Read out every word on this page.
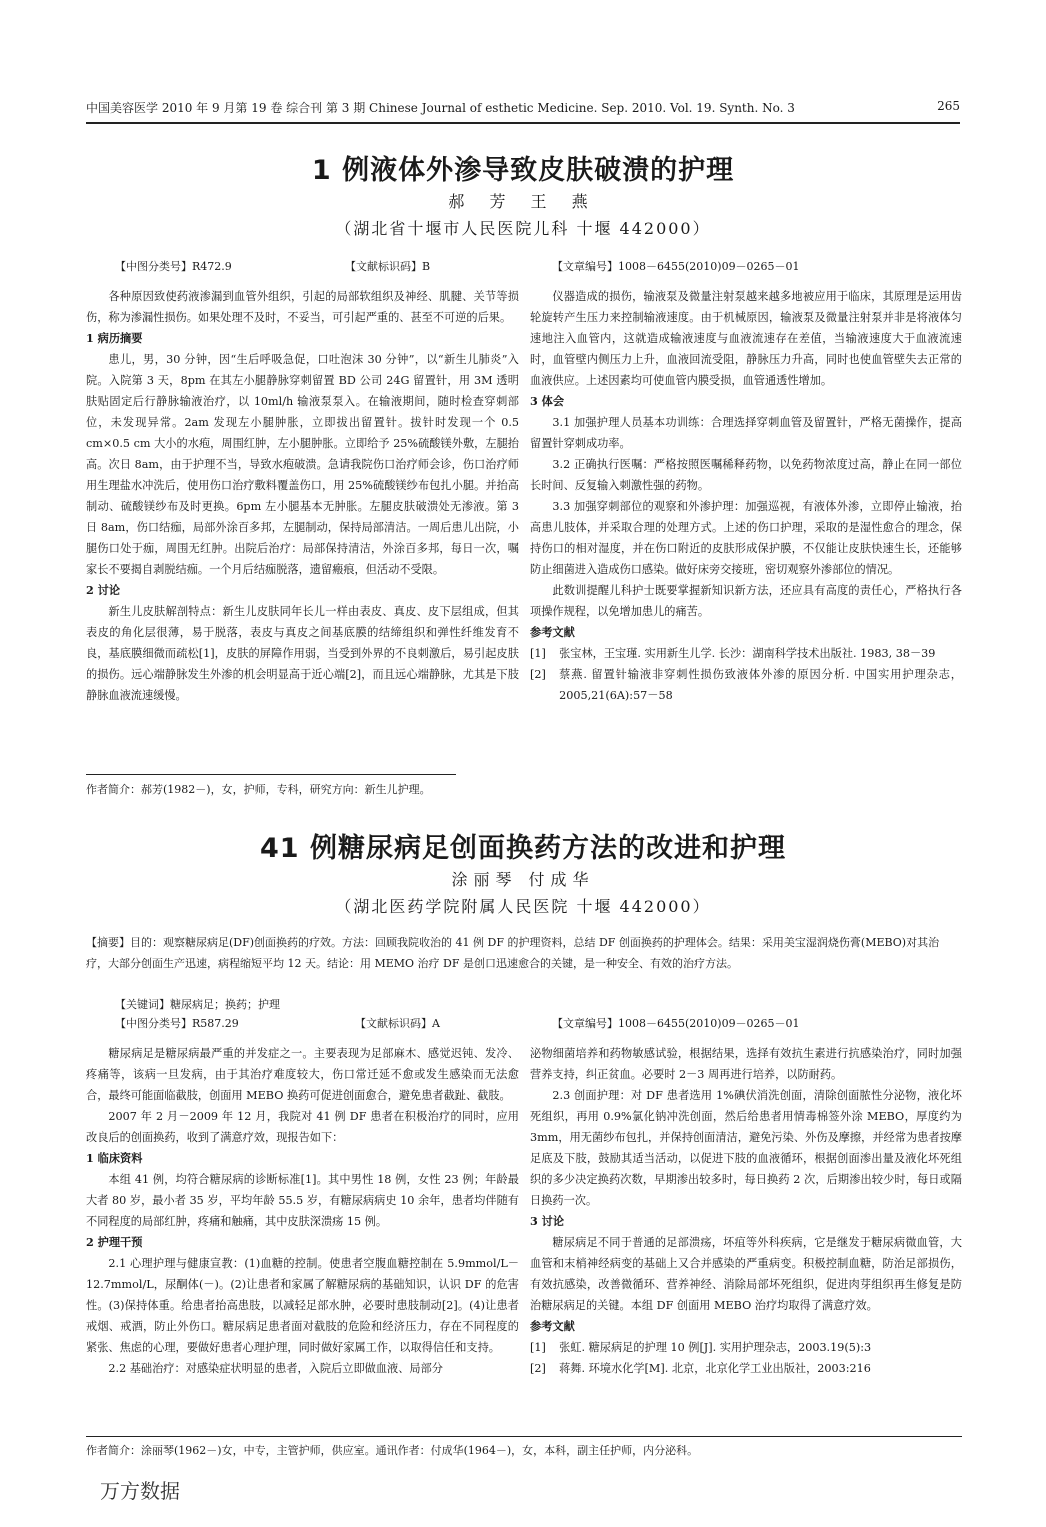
中国美容医学 2010 年 9 月第 19 卷 综合刊 第 3 期 Chinese Journal of esthetic Medicine. Sep. 2010. Vol. 19. Synth. No. 3	265
1 例液体外渗导致皮肤破溃的护理
郝 芳 王 燕
（湖北省十堰市人民医院儿科 十堰 442000）
【中图分类号】R472.9	【文献标识码】B	【文章编号】1008－6455(2010)09－0265－01

各种原因致使药液渗漏到血管外组织，引起的局部软组织及神经、肌腱、关节等损伤，称为渗漏性损伤。如果处理不及时，不妥当，可引起严重的、甚至不可逆的后果。

1 病历摘要

患儿，男，30 分钟，因“生后呼吸急促，口吐泡沫 30 分钟”，以“新生儿肺炎”入院。入院第 3 天，8pm 在其左小腿静脉穿刺留置 BD 公司 24G 留置针，用 3M 透明肤贴固定后行静脉输液治疗，以 10ml/h 输液泵泵入。在输液期间，随时检查穿刺部位，未发现异常。2am 发现左小腿肿胀，立即拔出留置针。拔针时发现一个 0.5 cm×0.5 cm 大小的水疱，周围红肿，左小腿肿胀。立即给予 25%硫酸镁外敷，左腿抬高。次日 8am，由于护理不当，导致水疱破溃。急请我院伤口治疗师会诊，伤口治疗师用生理盐水冲洗后，使用伤口治疗敷料覆盖伤口，用 25%硫酸镁纱布包扎小腿。并抬高制动、硫酸镁纱布及时更换。6pm 左小腿基本无肿胀。左腿皮肤破溃处无渗液。第 3 日 8am，伤口结痂，局部外涂百多邦，左腿制动，保持局部清洁。一周后患儿出院，小腿伤口处于痂，周围无红肿。出院后治疗：局部保持清洁，外涂百多邦，每日一次，嘱家长不要揭自剥脱结痂。一个月后结痂脱落，遗留瘢痕，但活动不受限。

2 讨论

新生儿皮肤解剖特点：新生儿皮肤同年长儿一样由表皮、真皮、皮下层组成，但其表皮的角化层很薄，易于脱落，表皮与真皮之间基底膜的结缔组织和弹性纤维发育不良，基底膜细微而疏松[1]，皮肤的屏障作用弱，当受到外界的不良刺激后，易引起皮肤的损伤。远心端静脉发生外渗的机会明显高于近心端[2]，而且远心端静脉，尤其是下肢静脉血液流速缓慢。

仪器造成的损伤，输液泵及微量注射泵越来越多地被应用于临床，其原理是运用齿轮旋转产生压力来控制输液速度。由于机械原因，输液泵及微量注射泵并非是将液体匀速地注入血管内，这就造成输液速度与血液流速存在差值，当输液速度大于血液流速时，血管壁内侧压力上升，血液回流受阻，静脉压力升高，同时也使血管壁失去正常的血液供应。上述因素均可使血管内膜受损，血管通透性增加。

3 体会

3.1 加强护理人员基本功训练：合理选择穿刺血管及留置针，严格无菌操作，提高留置针穿刺成功率。

3.2 正确执行医嘱：严格按照医嘱稀释药物，以免药物浓度过高，静止在同一部位长时间、反复输入刺激性强的药物。

3.3 加强穿刺部位的观察和外渗护理：加强巡视，有液体外渗，立即停止输液，抬高患儿肢体，并采取合理的处理方式。上述的伤口护理，采取的是湿性愈合的理念，保持伤口的相对湿度，并在伤口附近的皮肤形成保护膜，不仅能让皮肤快速生长，还能够防止细菌进入造成伤口感染。做好床旁交接班，密切观察外渗部位的情况。

此数训提醒儿科护士既要掌握新知识新方法，还应具有高度的责任心，严格执行各项操作规程，以免增加患儿的痛苦。

参考文献

[1] 张宝林，王宝瑾. 实用新生儿学. 长沙：湖南科学技术出版社. 1983, 38－39

[2] 蔡燕. 留置针输液非穿刺性损伤致液体外渗的原因分析. 中国实用护理杂志，2005,21(6A):57－58

作者简介：郝芳(1982－)，女，护师，专科，研究方向：新生儿护理。
41 例糖尿病足创面换药方法的改进和护理
涂丽琴 付成华
（湖北医药学院附属人民医院 十堰 442000）
【摘要】目的：观察糖尿病足(DF)创面换药的疗效。方法：回顾我院收治的 41 例 DF 的护理资料，总结 DF 创面换药的护理体会。结果：采用美宝湿润烧伤膏(MEBO)对其治疗，大部分创面生产迅速，病程缩短平均 12 天。结论：用 MEMO 治疗 DF 是创口迅速愈合的关键，是一种安全、有效的治疗方法。
【关键词】糖尿病足；换药；护理
【中图分类号】R587.29	【文献标识码】A	【文章编号】1008－6455(2010)09－0265－01

糖尿病足是糖尿病最严重的并发症之一。主要表现为足部麻木、感觉迟钝、发冷、疼痛等，该病一旦发病，由于其治疗难度较大，伤口常迁延不愈或发生感染而无法愈合，最终可能面临截肢，创面用 MEBO 换药可促进创面愈合，避免患者截趾、截肢。

2007 年 2 月－2009 年 12 月，我院对 41 例 DF 患者在积极治疗的同时，应用改良后的创面换药，收到了满意疗效，现报告如下：

1 临床资料

本组 41 例，均符合糖尿病的诊断标准[1]。其中男性 18 例，女性 23 例；年龄最大者 80 岁，最小者 35 岁，平均年龄 55.5 岁，有糖尿病病史 10 余年，患者均伴随有不同程度的局部红肿，疼痛和触痛，其中皮肤深溃疡 15 例。

2 护理干预

2.1 心理护理与健康宣教：(1)血糖的控制。使患者空腹血糖控制在 5.9mmol/L－12.7mmol/L，尿酮体(－)。(2)让患者和家属了解糖尿病的基础知识，认识 DF 的危害性。(3)保持体重。给患者抬高患肢，以减轻足部水肿，必要时患肢制动[2]。(4)让患者戒烟、戒酒，防止外伤口。糖尿病足患者面对截肢的危险和经济压力，存在不同程度的紧张、焦虑的心理，要做好患者心理护理，同时做好家属工作，以取得信任和支持。

2.2 基础治疗：对感染症状明显的患者，入院后立即做血液、局部分

泌物细菌培养和药物敏感试验，根据结果，选择有效抗生素进行抗感染治疗，同时加强营养支持，纠正贫血。必要时 2－3 周再进行培养，以防耐药。

2.3 创面护理：对 DF 患者选用 1%碘伏消洗创面，清除创面脓性分泌物，液化坏死组织，再用 0.9%氯化钠冲洗创面，然后给患者用情毒棉签外涂 MEBO，厚度约为 3mm，用无菌纱布包扎，并保持创面清洁，避免污染、外伤及摩擦，并经常为患者按摩足底及下肢，鼓励其适当活动，以促进下肢的血液循环，根据创面渗出量及液化坏死组织的多少决定换药次数，早期渗出较多时，每日换药 2 次，后期渗出较少时，每日或隔日换药一次。

3 讨论

糖尿病足不同于普通的足部溃疡，坏疽等外科疾病，它是继发于糖尿病微血管，大血管和末梢神经病变的基础上又合并感染的严重病变。积极控制血糖，防治足部损伤，有效抗感染，改善微循环、营养神经、消除局部坏死组织，促进肉芽组织再生修复是防治糖尿病足的关键。本组 DF 创面用 MEBO 治疗均取得了满意疗效。

参考文献

[1] 张虹. 糖尿病足的护理 10 例[J]. 实用护理杂志，2003.19(5):3

[2] 蒋舞. 环境水化学[M]. 北京，北京化学工业出版社，2003:216

作者简介：涂丽琴(1962－)女，中专，主管护师，供应室。通讯作者：付成华(1964－)，女，本科，副主任护师，内分泌科。
万方数据
